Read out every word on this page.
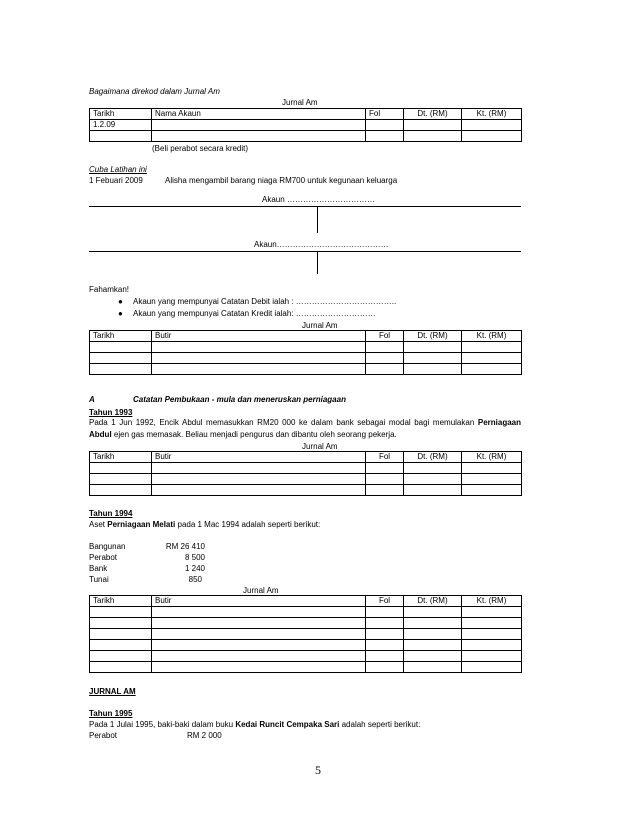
Bagaimana direkod dalam Jurnal Am
Jurnal Am
Tarikh	Nama Akaun	Fol	Dt. (RM)	Kt. (RM)
1.2.09				

(Beli perabot secara kredit)
Cuba Latihan ini
1 Febuari 2009	Alisha mengambil barang niaga RM700 untuk kegunaan keluarga
Akaun ……………………………
Akaun……………………………………
Fahamkan!
● Akaun yang mempunyai Catatan Debit ialah : ………………………………..
● Akaun yang mempunyai Catatan Kredit ialah: …………………………
Jurnal Am
Tarikh	Butir	Fol	Dt. (RM)	Kt. (RM)

A	Catatan Pembukaan - mula dan meneruskan perniagaan
Tahun 1993
Pada 1 Jun 1992, Encik Abdul memasukkan RM20 000 ke dalam bank sebagai modal bagi memulakan Perniagaan Abdul ejen gas memasak. Beliau menjadi pengurus dan dibantu oleh seorang pekerja.
Jurnal Am
Tarikh	Butir	Fol	Dt. (RM)	Kt. (RM)

Tahun 1994
Aset Perniagaan Melati pada 1 Mac 1994 adalah seperti berikut:
Bangunan	RM 26 410
Perabot	8 500
Bank	1 240
Tunai	850
Jurnal Am
Tarikh	Butir	Fol	Dt. (RM)	Kt. (RM)

JURNAL AM
Tahun 1995
Pada 1 Julai 1995, baki-baki dalam buku Kedai Runcit Cempaka Sari adalah seperti berikut:
Perabot	RM 2 000
5
